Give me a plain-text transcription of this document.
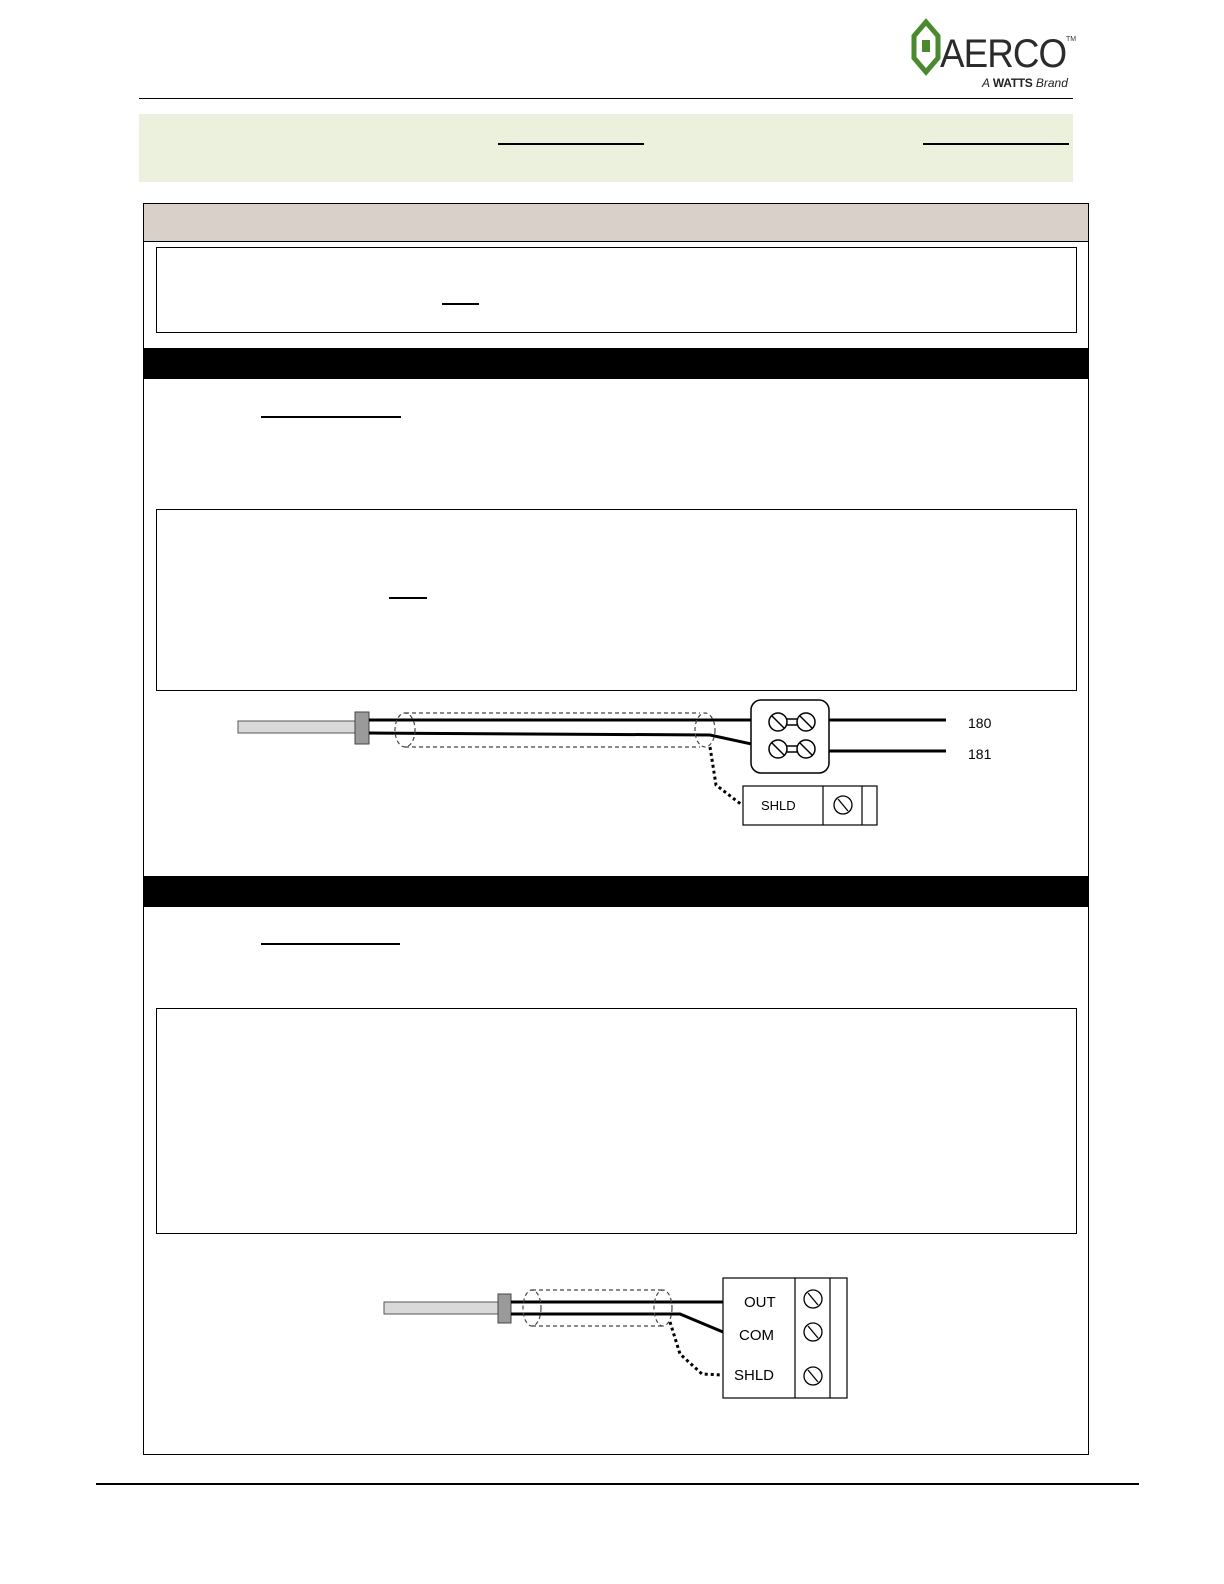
AERCO TM
A WATTS Brand
180
181
SHLD
OUT
COM
SHLD
